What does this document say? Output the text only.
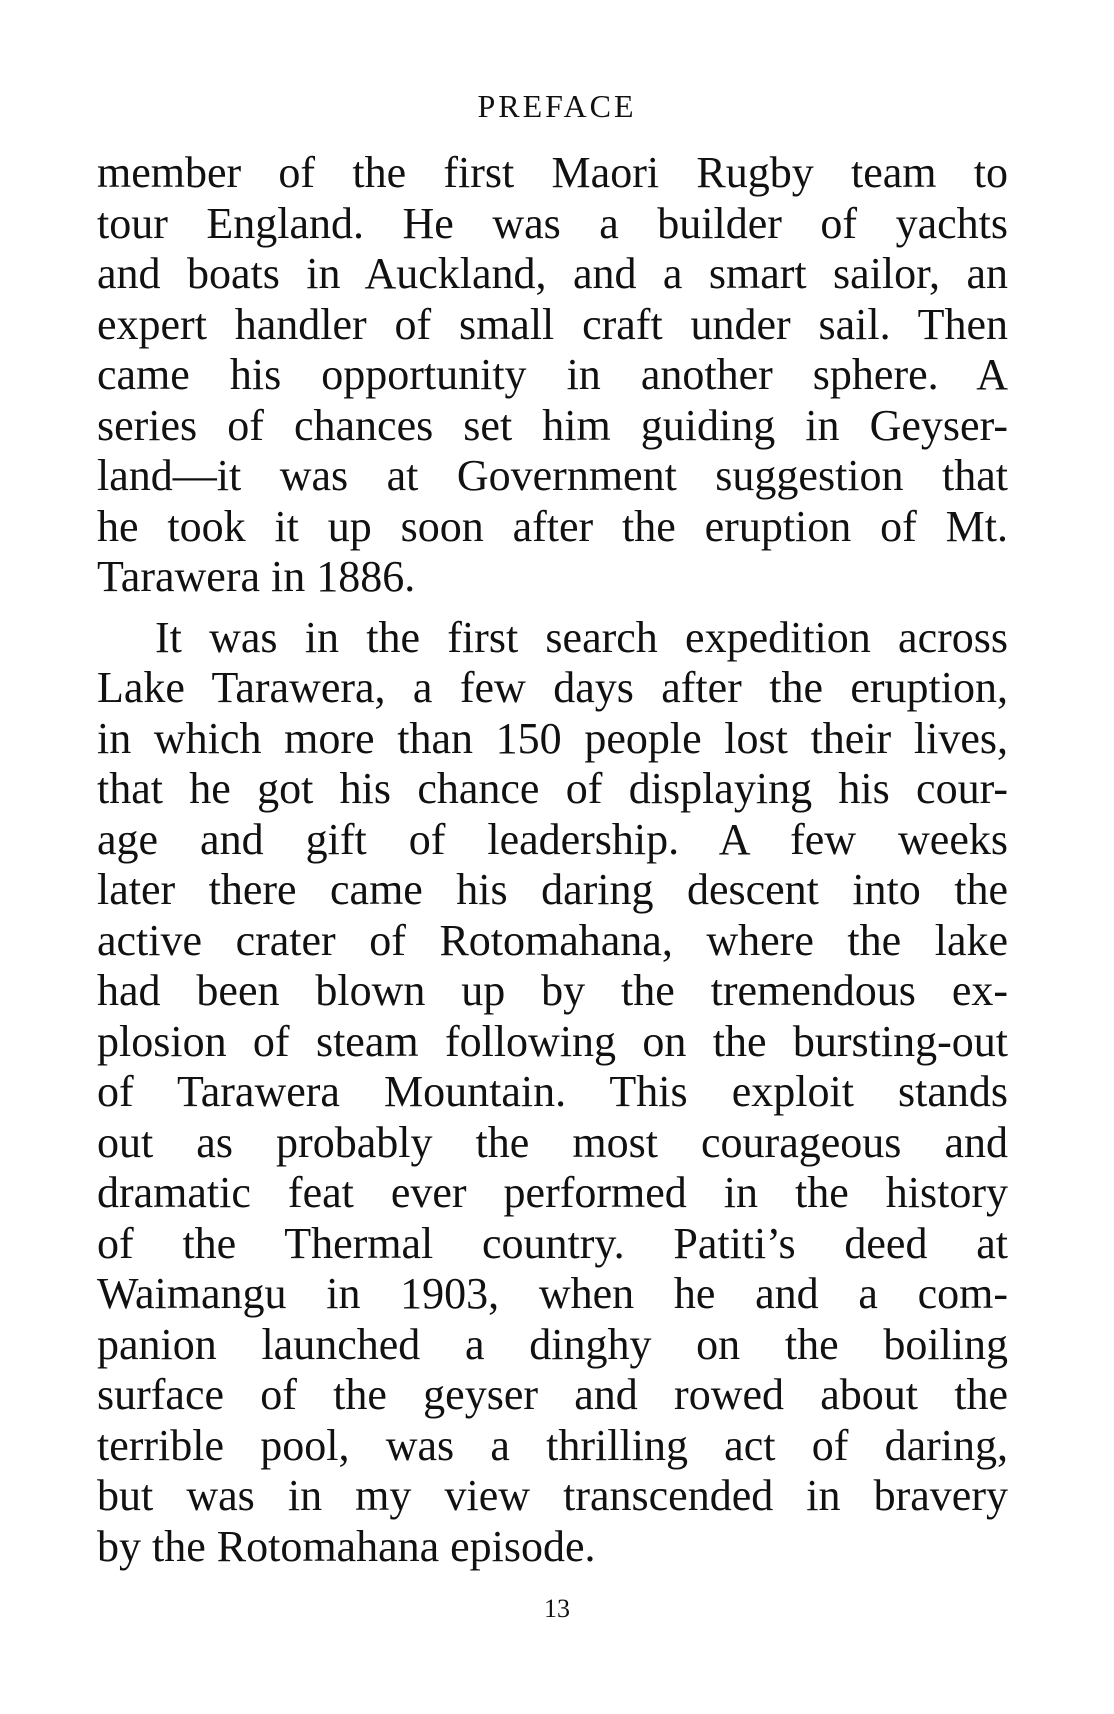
PREFACE
member of the first Maori Rugby team to
tour England. He was a builder of yachts
and boats in Auckland, and a smart sailor, an
expert handler of small craft under sail. Then
came his opportunity in another sphere. A
series of chances set him guiding in Geyser-
land—it was at Government suggestion that
he took it up soon after the eruption of Mt.
Tarawera in 1886.
It was in the first search expedition across
Lake Tarawera, a few days after the eruption,
in which more than 150 people lost their lives,
that he got his chance of displaying his cour-
age and gift of leadership. A few weeks
later there came his daring descent into the
active crater of Rotomahana, where the lake
had been blown up by the tremendous ex-
plosion of steam following on the bursting-out
of Tarawera Mountain. This exploit stands
out as probably the most courageous and
dramatic feat ever performed in the history
of the Thermal country. Patiti’s deed at
Waimangu in 1903, when he and a com-
panion launched a dinghy on the boiling
surface of the geyser and rowed about the
terrible pool, was a thrilling act of daring,
but was in my view transcended in bravery
by the Rotomahana episode.
13
